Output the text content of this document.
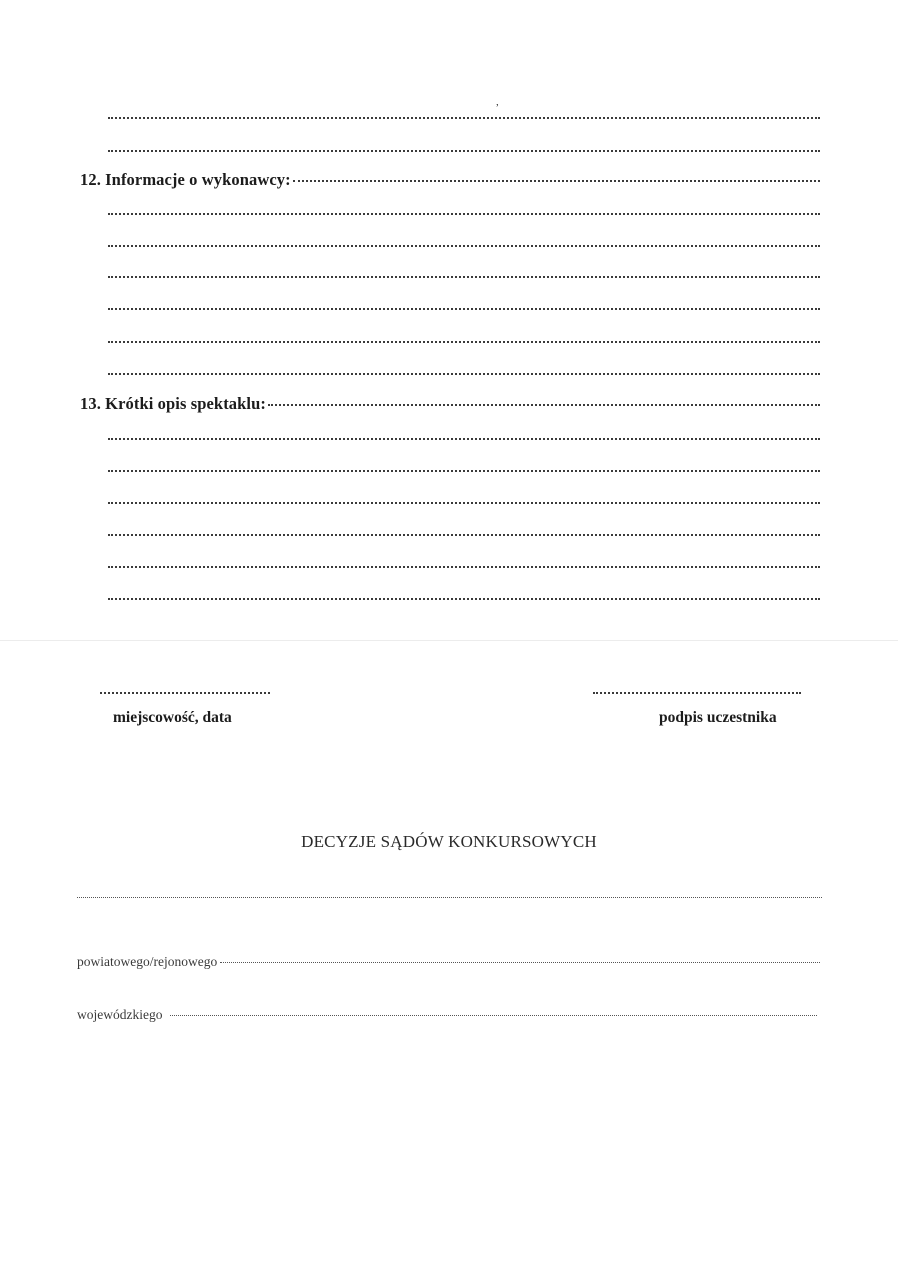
,
12. Informacje o wykonawcy:
13. Krótki opis spektaklu:
miejscowość, data	podpis uczestnika
DECYZJE SĄDÓW KONKURSOWYCH
powiatowego/rejonowego
wojewódzkiego
